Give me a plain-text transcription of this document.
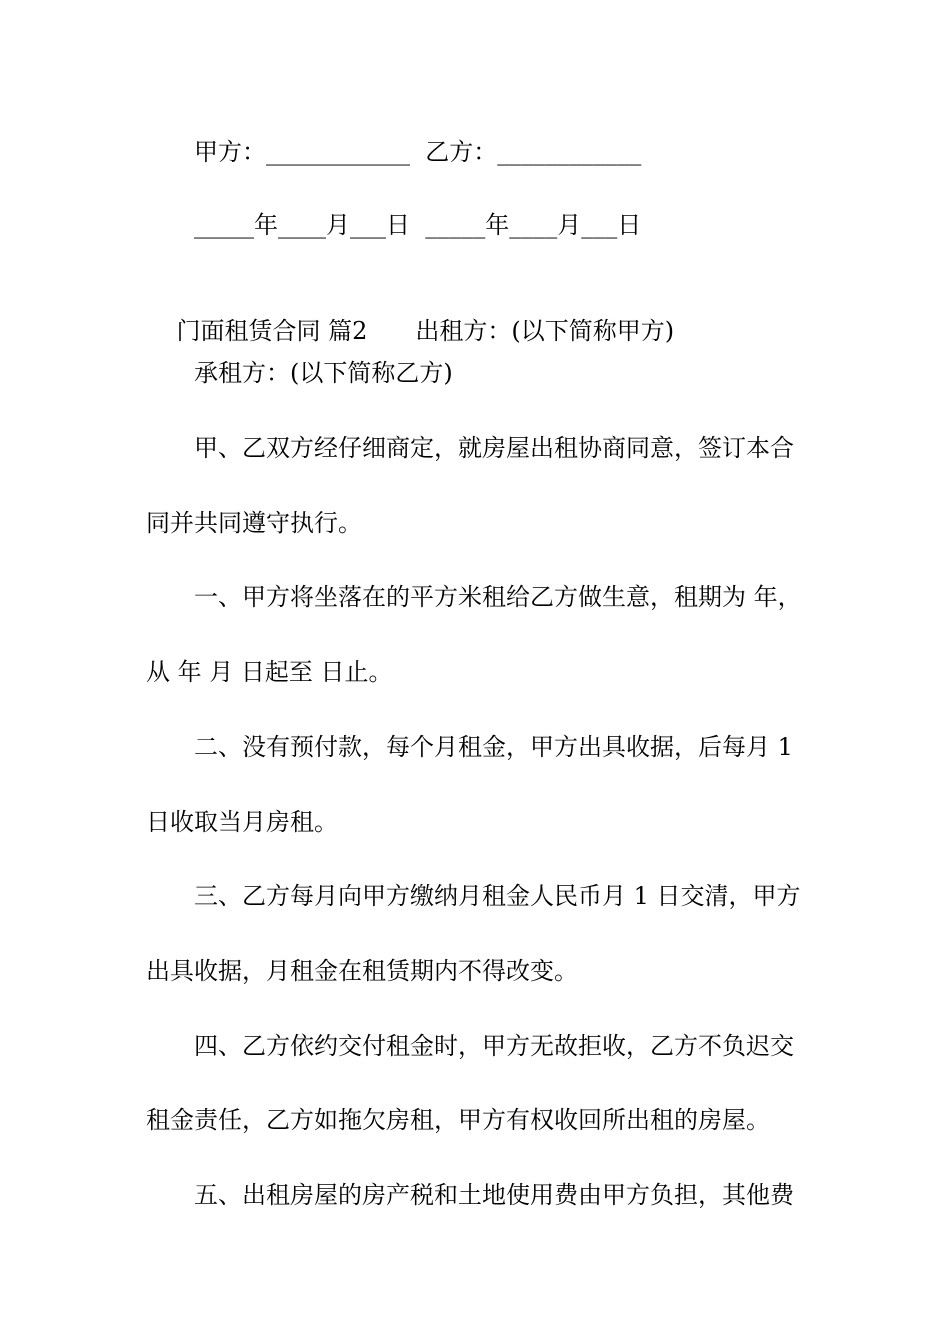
甲方：____________  乙方：____________
_____年____月___日  _____年____月___日

门面租赁合同 篇2 出租方：(以下简称甲方)

承租方：(以下简称乙方)
甲、乙双方经仔细商定，就房屋出租协商同意，签订本合
同并共同遵守执行。
一、甲方将坐落在的平方米租给乙方做生意，租期为 年，
从 年 月 日起至 日止。
二、没有预付款，每个月租金，甲方出具收据，后每月 1
日收取当月房租。
三、乙方每月向甲方缴纳月租金人民币月 1 日交清，甲方
出具收据，月租金在租赁期内不得改变。
四、乙方依约交付租金时，甲方无故拒收，乙方不负迟交
租金责任，乙方如拖欠房租，甲方有权收回所出租的房屋。
五、出租房屋的房产税和土地使用费由甲方负担，其他费
